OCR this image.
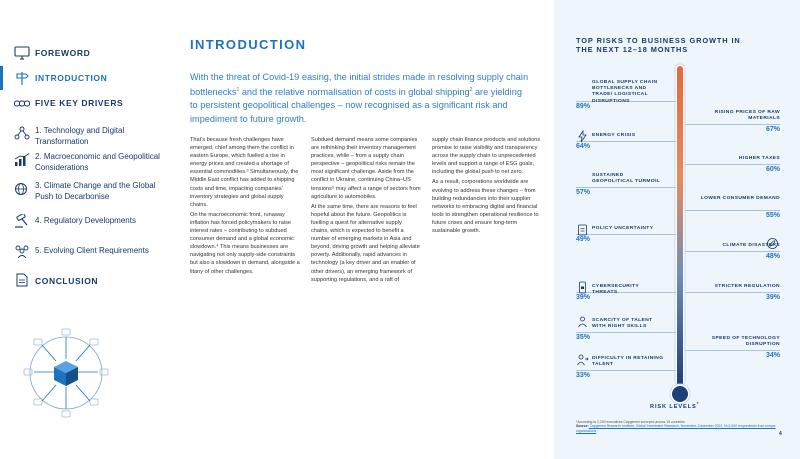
FOREWORD
INTRODUCTION
FIVE KEY DRIVERS
1. Technology and Digital Transformation
2. Macroeconomic and Geopolitical Considerations
3. Climate Change and the Global Push to Decarbonise
4. Regulatory Developments
5. Evolving Client Requirements
CONCLUSION
INTRODUCTION

With the threat of Covid-19 easing, the initial strides made in resolving supply chain bottlenecks$^1$ and the relative normalisation of costs in global shipping$^2$ are yielding to persistent geopolitical challenges – now recognised as a significant risk and impediment to future growth.

That's because fresh challenges have emerged, chief among them the conflict in eastern Europe, which fuelled a rise in energy prices and created a shortage of essential commodities.³ Simultaneously, the Middle East conflict has added to shipping costs and time, impacting companies' inventory strategies and global supply chains.

On the macroeconomic front, runaway inflation has forced policymakers to raise interest rates – contributing to subdued consumer demand and a global economic slowdown.⁴ This means businesses are navigating not only supply-side constraints but also a slowdown in demand, alongside a litany of other challenges.

Subdued demand means some companies are rethinking their inventory management practices, while – from a supply chain perspective – geopolitical risks remain the most significant challenge. Aside from the conflict in Ukraine, continuing China–US tensions⁵ may affect a range of sectors from agriculture to automobiles.

At the same time, there are reasons to feel hopeful about the future. Geopolitics is fuelling a quest for alternative supply chains, which is expected to benefit a number of emerging markets in Asia and beyond, driving growth and helping alleviate poverty. Additionally, rapid advances in technology (a key driver and an enabler of other drivers), an emerging framework of supporting regulations, and a raft of

supply chain finance products and solutions promise to raise visibility and transparency across the supply chain to unprecedented levels and support a range of ESG goals, including the global push to net zero.

As a result, corporations worldwide are evolving to address these changes – from building redundancies into their supplier networks to embracing digital and financial tools to strengthen operational resilience to future crises and ensure long-term sustainable growth.

TOP RISKS TO BUSINESS GROWTH IN THE NEXT 12–18 MONTHS
GLOBAL SUPPLY CHAIN BOTTLENECKS AND TRADE/ LOGISTICAL DISRUPTIONS
89%
RISING PRICES OF RAW MATERIALS
67%
ENERGY CRISIS
64%
HIGHER TAXES
60%
SUSTAINED GEOPOLITICAL TURMOIL
57%
LOWER CONSUMER DEMAND
55%
POLICY UNCERTAINTY
49%
CLIMATE DISASTERS
48%
CYBERSECURITY THREATS
39%
STRICTER REGULATION
39%
SCARCITY OF TALENT WITH RIGHT SKILLS
35%	SPEED OF TECHNOLOGY DISRUPTION
34%
DIFFICULTY IN RETAINING TALENT
33%
RISK LEVELS*
*According to 2,200 executives Capgemini surveyed across 15 countries
Source: Capgemini Research Institute, Global Investment Research, November–December 2022, N=2,000 respondents from unique organizations
4
